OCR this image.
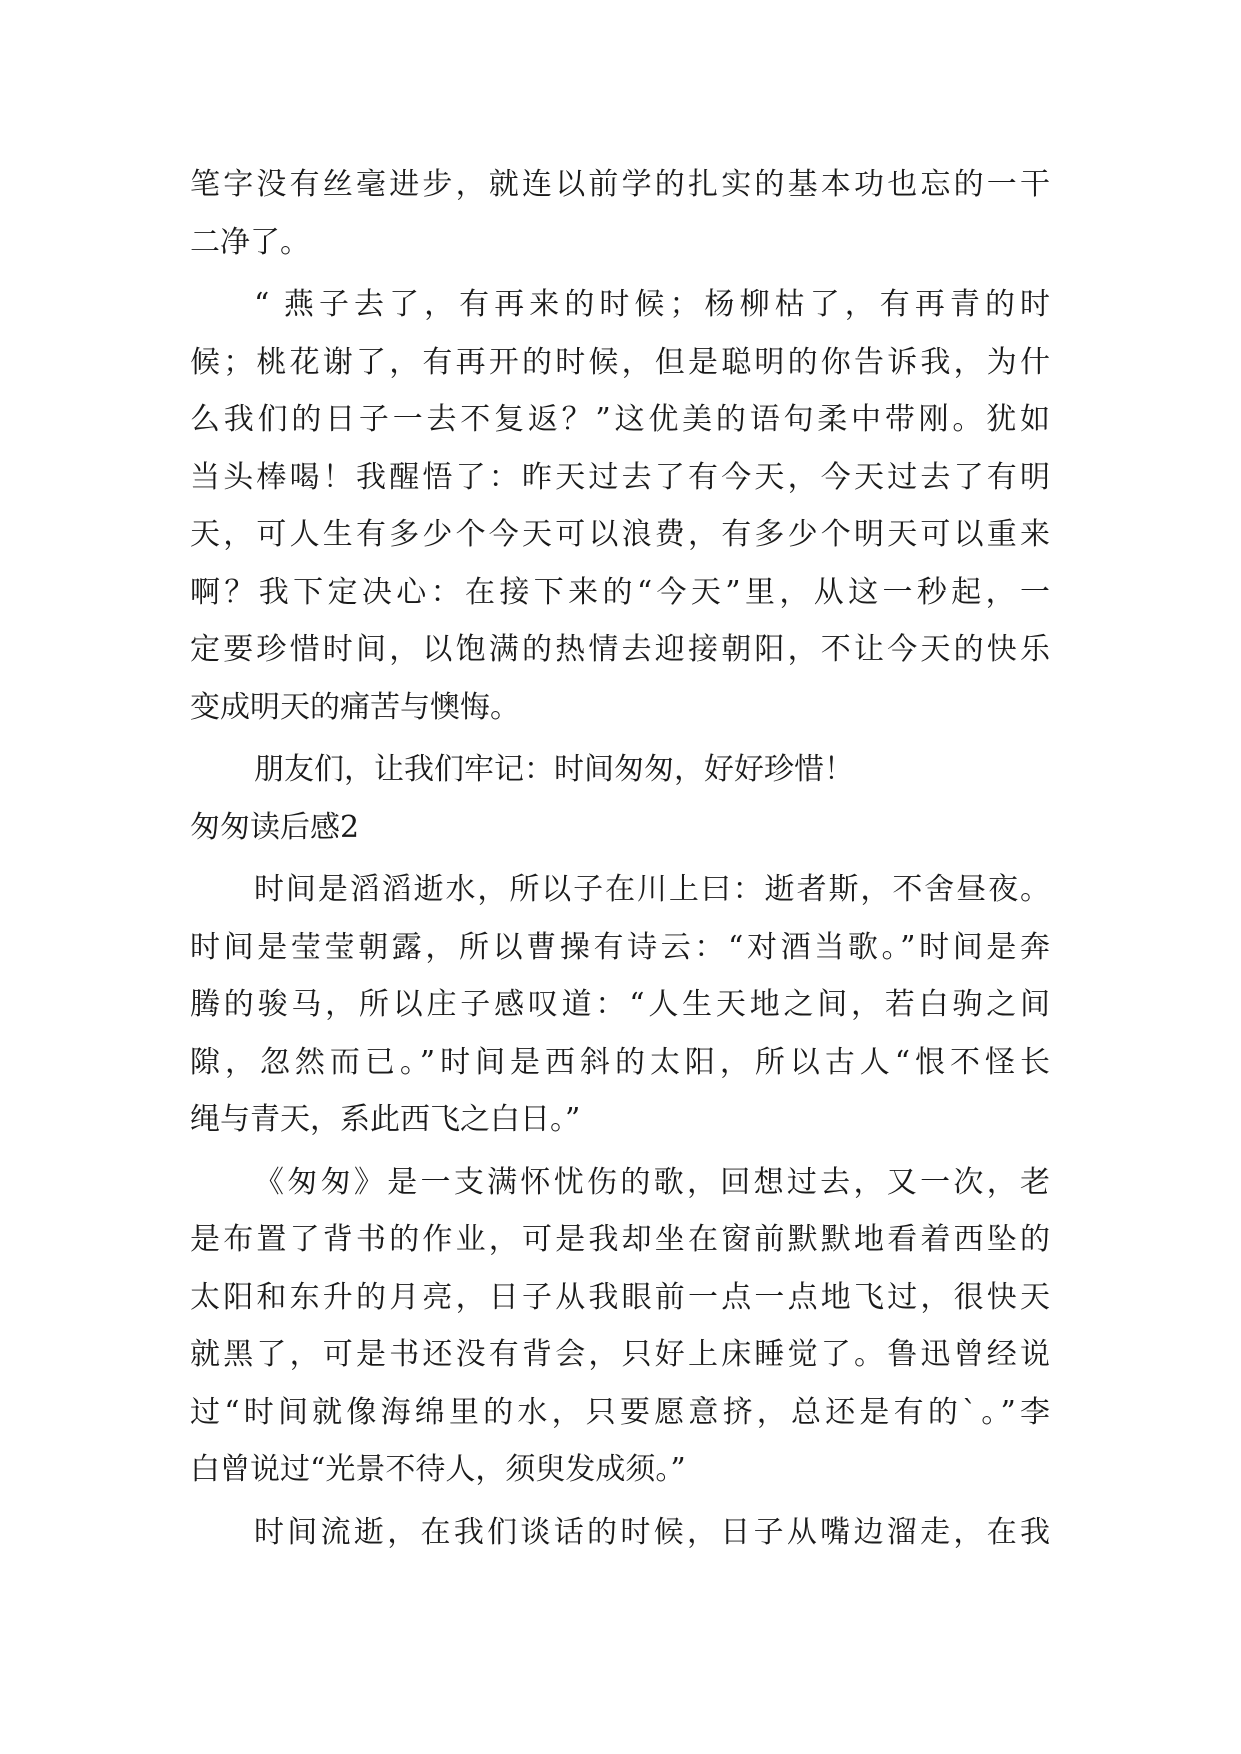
笔字没有丝毫进步，就连以前学的扎实的基本功也忘的一干
二净了。
“ 燕子去了，有再来的时候；杨柳枯了，有再青的时
候；桃花谢了，有再开的时候，但是聪明的你告诉我，为什
么我们的日子一去不复返？”这优美的语句柔中带刚。犹如
当头棒喝！我醒悟了：昨天过去了有今天，今天过去了有明
天，可人生有多少个今天可以浪费，有多少个明天可以重来
啊？我下定决心：在接下来的“今天”里，从这一秒起，一
定要珍惜时间，以饱满的热情去迎接朝阳，不让今天的快乐
变成明天的痛苦与懊悔。
朋友们，让我们牢记：时间匆匆，好好珍惜！
匆匆读后感2
时间是滔滔逝水，所以子在川上曰：逝者斯，不舍昼夜。
时间是莹莹朝露，所以曹操有诗云：“对酒当歌。”时间是奔
腾的骏马，所以庄子感叹道：“人生天地之间，若白驹之间
隙，忽然而已。”时间是西斜的太阳，所以古人“恨不怪长
绳与青天，系此西飞之白日。”
《匆匆》是一支满怀忧伤的歌，回想过去，又一次，老
是布置了背书的作业，可是我却坐在窗前默默地看着西坠的
太阳和东升的月亮，日子从我眼前一点一点地飞过，很快天
就黑了，可是书还没有背会，只好上床睡觉了。鲁迅曾经说
过“时间就像海绵里的水，只要愿意挤，总还是有的`。”李
白曾说过“光景不待人，须臾发成须。”
时间流逝，在我们谈话的时候，日子从嘴边溜走，在我
